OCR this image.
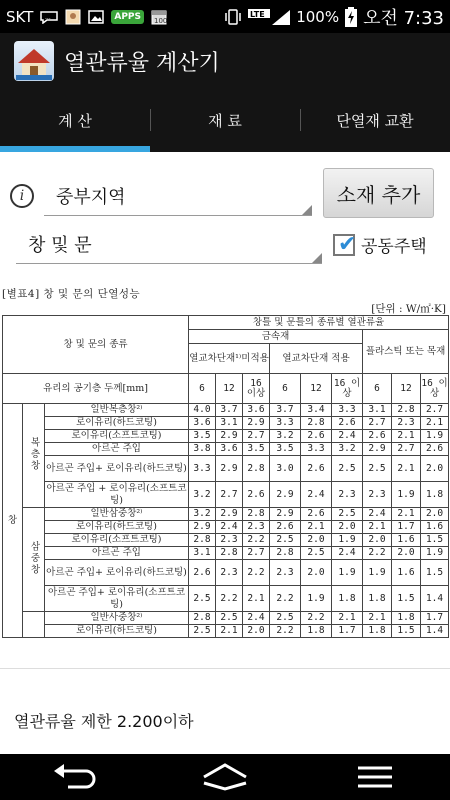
SKT ...	APPS	100
LTE 100% 오전 7:33
열관류율 계산기
계 산	재 료	단열재 교환
i	중부지역	소재 추가
창 및 문	✔ 공동주택
[별표4] 창 및 문의 단열성능
[단위 : W/㎡·K]
창 및 문의 종류			창틀 및 문틀의 종류별 열관류율								
			금속재						플라스틱 또는 목재		
			열교차단재¹⁾미적용			열교차단재 적용					
유리의 공기층 두께[mm]			6	12	16 이상	6	12	16 이상	6	12	16 이상
창	복층창	일반복층창²⁾	4.0	3.7	3.6	3.7	3.4	3.3	3.1	2.8	2.7
		로이유리(하드코팅)	3.6	3.1	2.9	3.3	2.8	2.6	2.7	2.3	2.1
		로이유리(소프트코팅)	3.5	2.9	2.7	3.2	2.6	2.4	2.6	2.1	1.9
		아르곤 주입	3.8	3.6	3.5	3.5	3.3	3.2	2.9	2.7	2.6
		아르곤 주입+ 로이유리(하드코팅)	3.3	2.9	2.8	3.0	2.6	2.5	2.5	2.1	2.0
		아르곤 주입 + 로이유리(소프트코팅)	3.2	2.7	2.6	2.9	2.4	2.3	2.3	1.9	1.8
	삼중창	일반삼중창²⁾	3.2	2.9	2.8	2.9	2.6	2.5	2.4	2.1	2.0
		로이유리(하드코팅)	2.9	2.4	2.3	2.6	2.1	2.0	2.1	1.7	1.6
		로이유리(소프트코팅)	2.8	2.3	2.2	2.5	2.0	1.9	2.0	1.6	1.5
		아르곤 주입	3.1	2.8	2.7	2.8	2.5	2.4	2.2	2.0	1.9
		아르곤 주입+ 로이유리(하드코팅)	2.6	2.3	2.2	2.3	2.0	1.9	1.9	1.6	1.5
		아르곤 주입+ 로이유리(소프트코팅)	2.5	2.2	2.1	2.2	1.9	1.8	1.8	1.5	1.4
		일반사중창²⁾	2.8	2.5	2.4	2.5	2.2	2.1	2.1	1.8	1.7
		로이유리(하드코팅)	2.5	2.1	2.0	2.2	1.8	1.7	1.8	1.5	1.4
열관류율 제한 2.200이하
